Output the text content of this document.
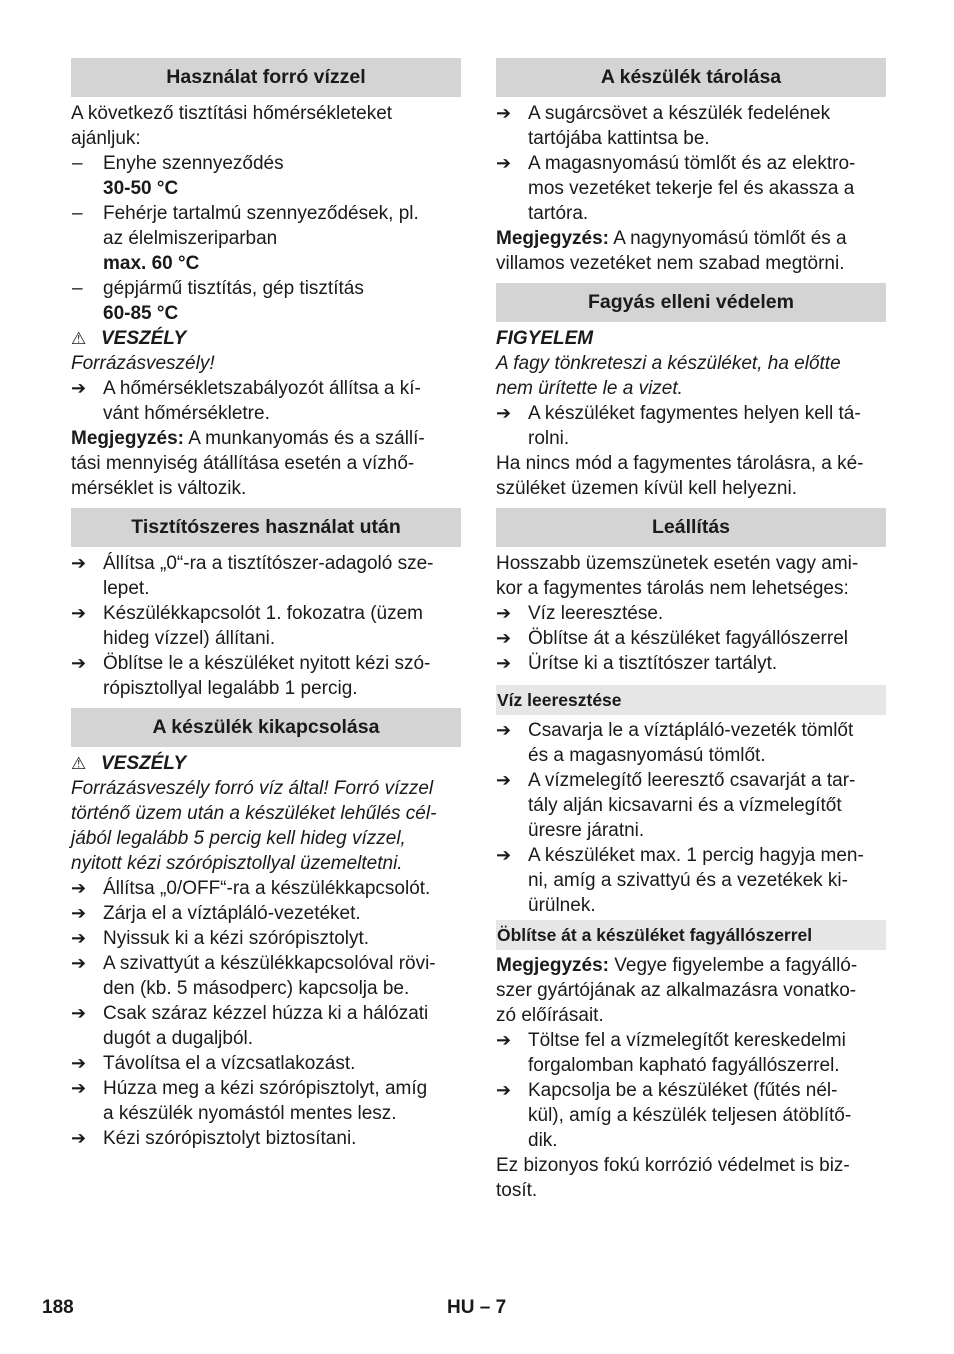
Használat forró vízzel
A következő tisztítási hőmérsékleteket
ajánljuk:
– Enyhe szennyeződés
30-50 °C
– Fehérje tartalmú szennyeződések, pl.
az élelmiszeriparban
max. 60 °C
– gépjármű tisztítás, gép tisztítás
60-85 °C
⚠ VESZÉLY
Forrázásveszély!
➔ A hőmérsékletszabályozót állítsa a kí-
vánt hőmérsékletre.
Megjegyzés: A munkanyomás és a szállí-
tási mennyiség átállítása esetén a vízhő-
mérséklet is változik.
Tisztítószeres használat után
➔ Állítsa „0“-ra a tisztítószer-adagoló sze-
lepet.
➔ Készülékkapcsolót 1. fokozatra (üzem
hideg vízzel) állítani.
➔ Öblítse le a készüléket nyitott kézi szó-
rópisztollyal legalább 1 percig.
A készülék kikapcsolása
⚠ VESZÉLY
Forrázásveszély forró víz által! Forró vízzel
történő üzem után a készüléket lehűlés cél-
jából legalább 5 percig kell hideg vízzel,
nyitott kézi szórópisztollyal üzemeltetni.
➔ Állítsa „0/OFF“-ra a készülékkapcsolót.
➔ Zárja el a víztápláló-vezetéket.
➔ Nyissuk ki a kézi szórópisztolyt.
➔ A szivattyút a készülékkapcsolóval rövi-
den (kb. 5 másodperc) kapcsolja be.
➔ Csak száraz kézzel húzza ki a hálózati
dugót a dugaljból.
➔ Távolítsa el a vízcsatlakozást.
➔ Húzza meg a kézi szórópisztolyt, amíg
a készülék nyomástól mentes lesz.
➔ Kézi szórópisztolyt biztosítani.
A készülék tárolása
➔ A sugárcsövet a készülék fedelének
tartójába kattintsa be.
➔ A magasnyomású tömlőt és az elektro-
mos vezetéket tekerje fel és akassza a
tartóra.
Megjegyzés: A nagynyomású tömlőt és a
villamos vezetéket nem szabad megtörni.
Fagyás elleni védelem
FIGYELEM
A fagy tönkreteszi a készüléket, ha előtte
nem ürítette le a vizet.
➔ A készüléket fagymentes helyen kell tá-
rolni.
Ha nincs mód a fagymentes tárolásra, a ké-
szüléket üzemen kívül kell helyezni.
Leállítás
Hosszabb üzemszünetek esetén vagy ami-
kor a fagymentes tárolás nem lehetséges:
➔ Víz leeresztése.
➔ Öblítse át a készüléket fagyállószerrel
➔ Ürítse ki a tisztítószer tartályt.
Víz leeresztése
➔ Csavarja le a víztápláló-vezeték tömlőt
és a magasnyomású tömlőt.
➔ A vízmelegítő leeresztő csavarját a tar-
tály alján kicsavarni és a vízmelegítőt
üresre járatni.
➔ A készüléket max. 1 percig hagyja men-
ni, amíg a szivattyú és a vezetékek ki-
ürülnek.
Öblítse át a készüléket fagyállószerrel
Megjegyzés: Vegye figyelembe a fagyálló-
szer gyártójának az alkalmazásra vonatko-
zó előírásait.
➔ Töltse fel a vízmelegítőt kereskedelmi
forgalomban kapható fagyállószerrel.
➔ Kapcsolja be a készüléket (fűtés nél-
kül), amíg a készülék teljesen átöblítő-
dik.
Ez bizonyos fokú korrózió védelmet is biz-
tosít.
188	HU – 7
